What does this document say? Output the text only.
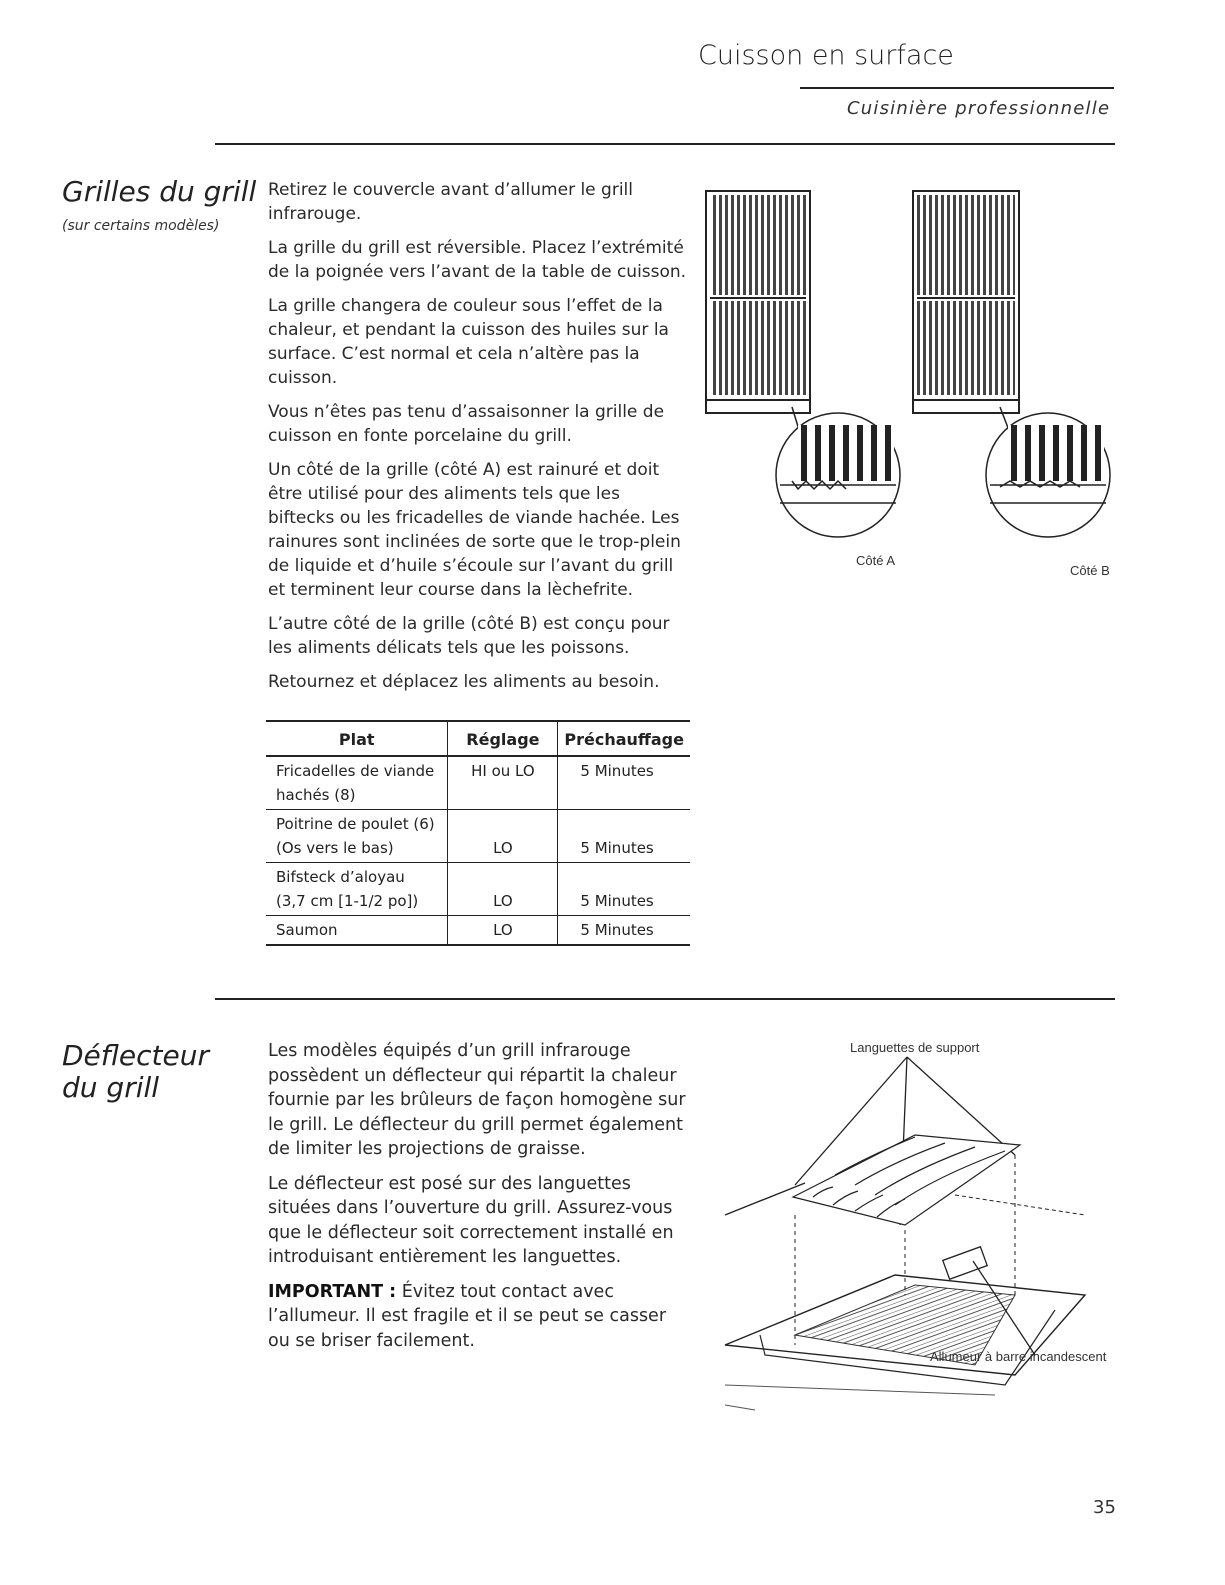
Cuisson en surface
Cuisinière professionnelle
Grilles du grill
(sur certains modèles)

Retirez le couvercle avant d’allumer le grill infrarouge.

La grille du grill est réversible. Placez l’extrémité de la poignée vers l’avant de la table de cuisson.

La grille changera de couleur sous l’effet de la chaleur, et pendant la cuisson des huiles sur la surface. C’est normal et cela n’altère pas la cuisson.

Vous n’êtes pas tenu d’assaisonner la grille de cuisson en fonte porcelaine du grill.

Un côté de la grille (côté A) est rainuré et doit être utilisé pour des aliments tels que les biftecks ou les fricadelles de viande hachée. Les rainures sont inclinées de sorte que le trop-plein de liquide et d’huile s’écoule sur l’avant du grill et terminent leur course dans la lèchefrite.

L’autre côté de la grille (côté B) est conçu pour les aliments délicats tels que les poissons.

Retournez et déplacez les aliments au besoin.

Côté A
Côté B
Plat	Réglage	Préchauffage

Fricadelles de viande
hachés (8)	HI ou LO	5 Minutes

Poitrine de poulet (6)
(Os vers le bas)	LO	5 Minutes

Bifsteck d’aloyau
(3,7 cm [1-1/2 po])	LO	5 Minutes
Saumon	LO	5 Minutes
Déflecteur
du grill

Les modèles équipés d’un grill infrarouge possèdent un déflecteur qui répartit la chaleur fournie par les brûleurs de façon homogène sur le grill. Le déflecteur du grill permet également de limiter les projections de graisse.

Le déflecteur est posé sur des languettes situées dans l’ouverture du grill. Assurez-vous que le déflecteur soit correctement installé en introduisant entièrement les languettes.

IMPORTANT : Évitez tout contact avec l’allumeur. Il est fragile et il se peut se casser ou se briser facilement.

Languettes de support
Allumeur à barre incandescent
35
